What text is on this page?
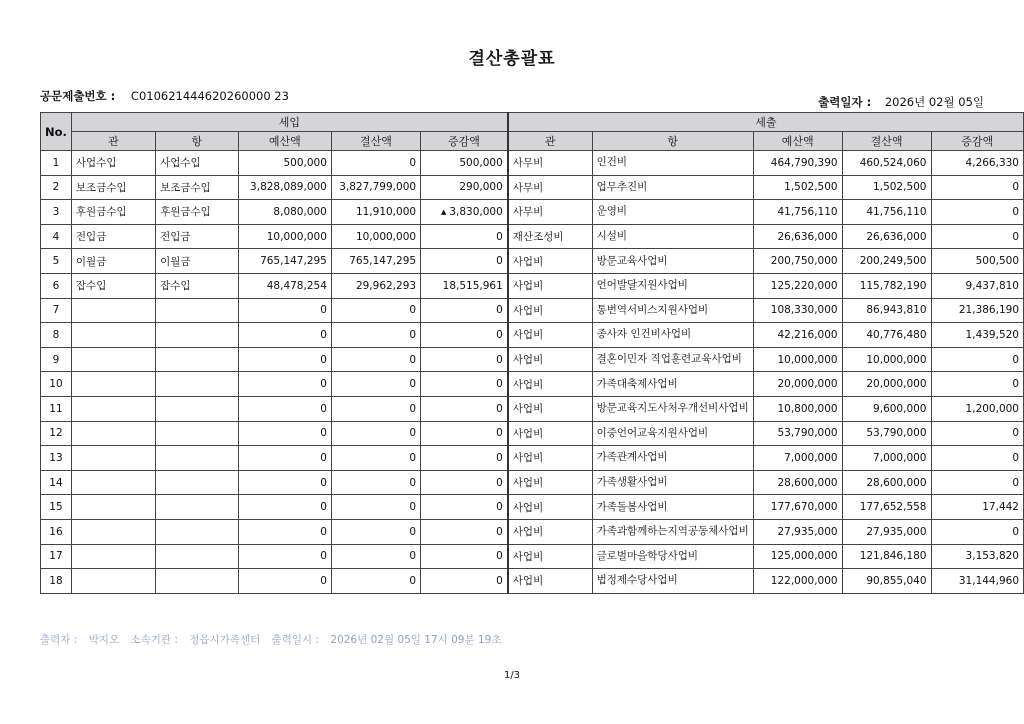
결산총괄표
공문제출번호 : C010621444620260000 23	출력일자 : 2026년 02월 05일
No.	세입					세출				
	관	항	예산액	결산액	증감액	관	항	예산액	결산액	증감액
1	사업수입	사업수입	500,000	0	500,000	사무비	인건비	464,790,390	460,524,060	4,266,330
2	보조금수입	보조금수입	3,828,089,000	3,827,799,000	290,000	사무비	업무추진비	1,502,500	1,502,500	0
3	후원금수입	후원금수입	8,080,000	11,910,000	▲ 3,830,000	사무비	운영비	41,756,110	41,756,110	0
4	전입금	전입금	10,000,000	10,000,000	0	재산조성비	시설비	26,636,000	26,636,000	0
5	이월금	이월금	765,147,295	765,147,295	0	사업비	방문교육사업비	200,750,000	200,249,500	500,500
6	잡수입	잡수입	48,478,254	29,962,293	18,515,961	사업비	언어발달지원사업비	125,220,000	115,782,190	9,437,810
7			0	0	0	사업비	통번역서비스지원사업비	108,330,000	86,943,810	21,386,190
8			0	0	0	사업비	종사자 인건비사업비	42,216,000	40,776,480	1,439,520
9			0	0	0	사업비	결혼이민자 직업훈련교육사업비	10,000,000	10,000,000	0
10			0	0	0	사업비	가족대축제사업비	20,000,000	20,000,000	0
11			0	0	0	사업비	방문교육지도사처우개선비사업비	10,800,000	9,600,000	1,200,000
12			0	0	0	사업비	이중언어교육지원사업비	53,790,000	53,790,000	0
13			0	0	0	사업비	가족관계사업비	7,000,000	7,000,000	0
14			0	0	0	사업비	가족생활사업비	28,600,000	28,600,000	0
15			0	0	0	사업비	가족돌봄사업비	177,670,000	177,652,558	17,442
16			0	0	0	사업비	가족과함께하는지역공동체사업비	27,935,000	27,935,000	0
17			0	0	0	사업비	글로벌마을학당사업비	125,000,000	121,846,180	3,153,820
18			0	0	0	사업비	법정제수당사업비	122,000,000	90,855,040	31,144,960
출력자 : 박지오 소속기관 : 정읍시가족센터 출력일시 : 2026년 02월 05일 17시 09분 19초
1/3
